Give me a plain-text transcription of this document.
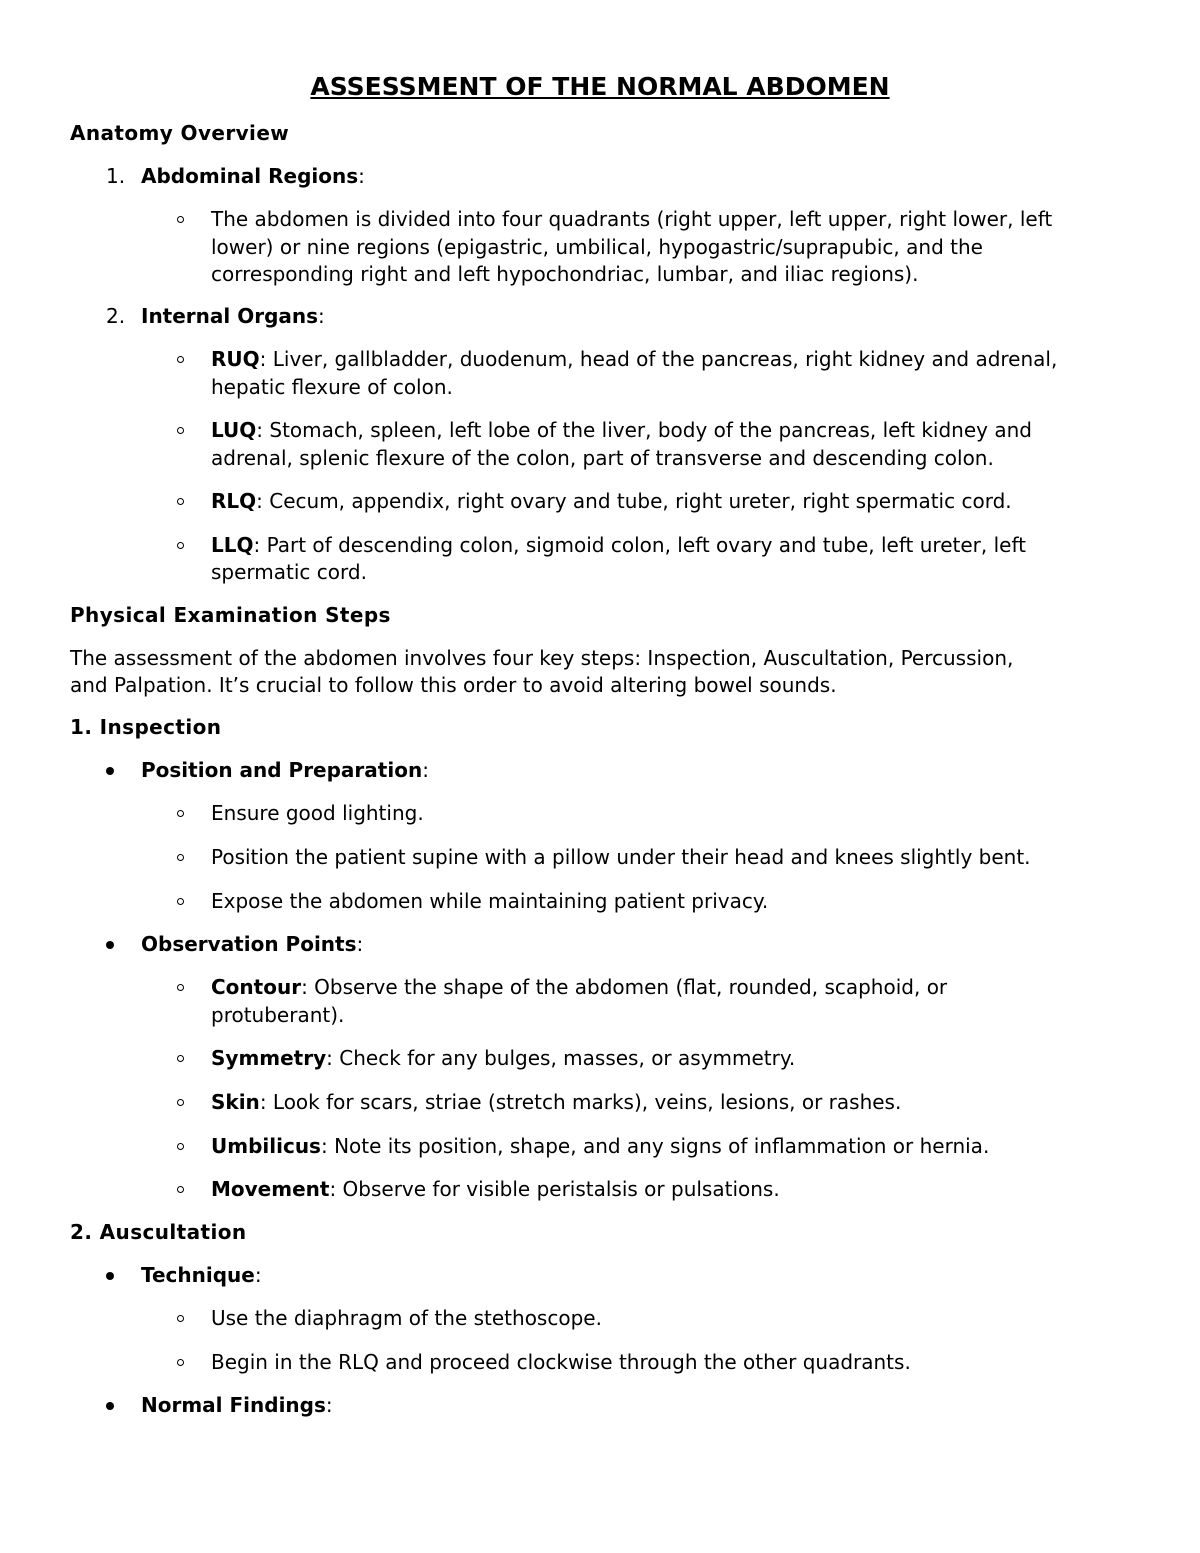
ASSESSMENT OF THE NORMAL ABDOMEN
Anatomy Overview
1. Abdominal Regions:
The abdomen is divided into four quadrants (right upper, left upper, right lower, left
lower) or nine regions (epigastric, umbilical, hypogastric/suprapubic, and the
corresponding right and left hypochondriac, lumbar, and iliac regions).
2. Internal Organs:
RUQ: Liver, gallbladder, duodenum, head of the pancreas, right kidney and adrenal,
hepatic flexure of colon.
LUQ: Stomach, spleen, left lobe of the liver, body of the pancreas, left kidney and
adrenal, splenic flexure of the colon, part of transverse and descending colon.
RLQ: Cecum, appendix, right ovary and tube, right ureter, right spermatic cord.
LLQ: Part of descending colon, sigmoid colon, left ovary and tube, left ureter, left
spermatic cord.
Physical Examination Steps
The assessment of the abdomen involves four key steps: Inspection, Auscultation, Percussion,
and Palpation. It’s crucial to follow this order to avoid altering bowel sounds.
1. Inspection
Position and Preparation:
Ensure good lighting.
Position the patient supine with a pillow under their head and knees slightly bent.
Expose the abdomen while maintaining patient privacy.
Observation Points:
Contour: Observe the shape of the abdomen (flat, rounded, scaphoid, or
protuberant).
Symmetry: Check for any bulges, masses, or asymmetry.
Skin: Look for scars, striae (stretch marks), veins, lesions, or rashes.
Umbilicus: Note its position, shape, and any signs of inflammation or hernia.
Movement: Observe for visible peristalsis or pulsations.
2. Auscultation
Technique:
Use the diaphragm of the stethoscope.
Begin in the RLQ and proceed clockwise through the other quadrants.
Normal Findings:
